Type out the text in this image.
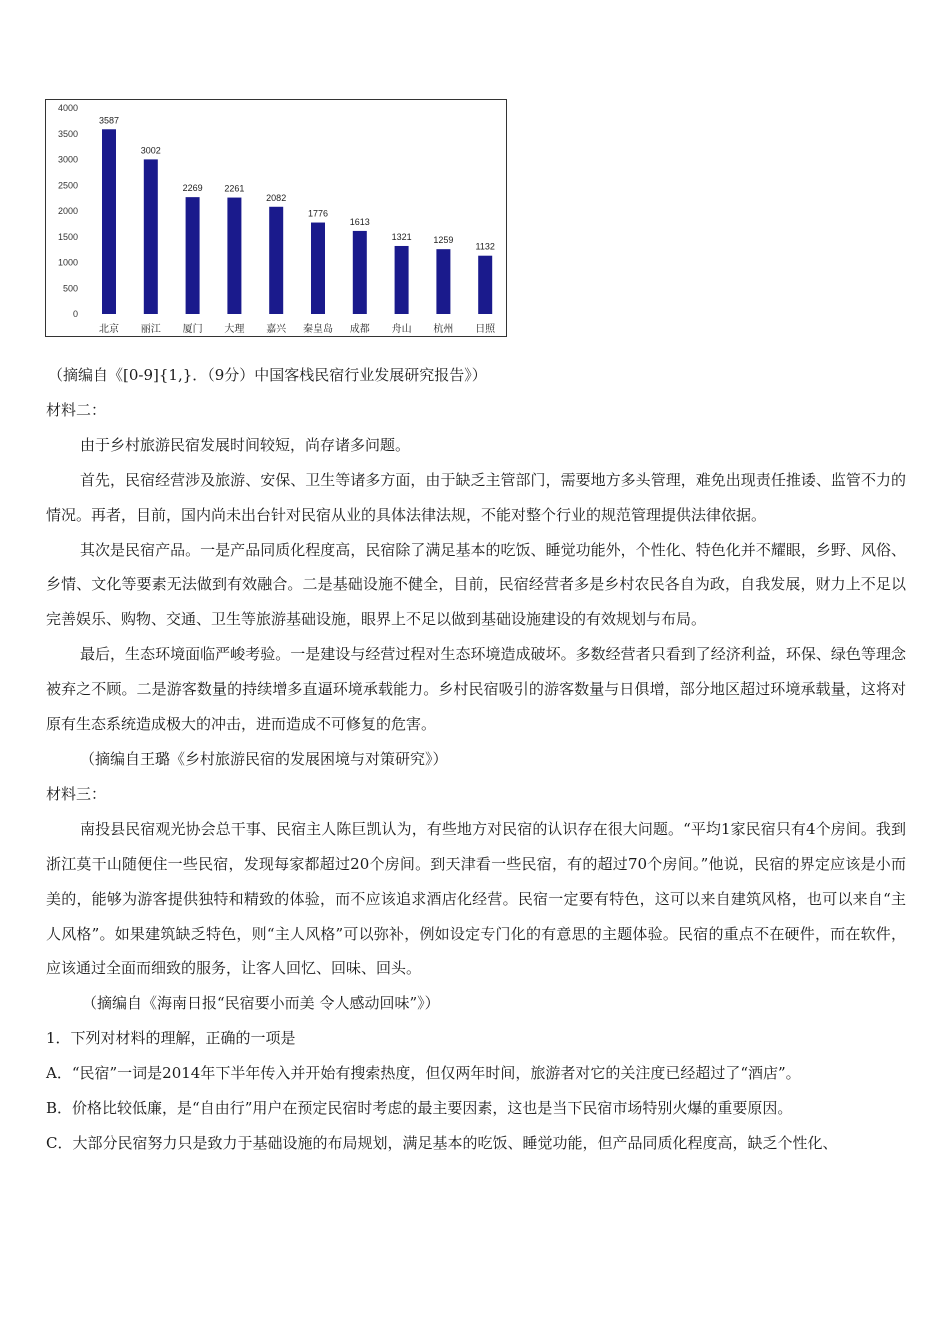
0
500
1000
1500
2000
2500
3000
3500
4000
3587
北京
3002
丽江
2269
厦门
2261
大理
2082
嘉兴
1776
秦皇岛
1613
成都
1321
舟山
1259
杭州
1132
日照

（摘编自《[0-9]{1,}．（9分）中国客栈民宿行业发展研究报告》）

材料二：

由于乡村旅游民宿发展时间较短，尚存诸多问题。

首先，民宿经营涉及旅游、安保、卫生等诸多方面，由于缺乏主管部门，需要地方多头管理，难免出现责任推诿、监管不力的情况。再者，目前，国内尚未出台针对民宿从业的具体法律法规，不能对整个行业的规范管理提供法律依据。

其次是民宿产品。一是产品同质化程度高，民宿除了满足基本的吃饭、睡觉功能外，个性化、特色化并不耀眼，乡野、风俗、乡情、文化等要素无法做到有效融合。二是基础设施不健全，目前，民宿经营者多是乡村农民各自为政，自我发展，财力上不足以完善娱乐、购物、交通、卫生等旅游基础设施，眼界上不足以做到基础设施建设的有效规划与布局。

最后，生态环境面临严峻考验。一是建设与经营过程对生态环境造成破坏。多数经营者只看到了经济利益，环保、绿色等理念被弃之不顾。二是游客数量的持续增多直逼环境承载能力。乡村民宿吸引的游客数量与日俱增，部分地区超过环境承载量，这将对原有生态系统造成极大的冲击，进而造成不可修复的危害。

（摘编自王璐《乡村旅游民宿的发展困境与对策研究》）

材料三：

南投县民宿观光协会总干事、民宿主人陈巨凯认为，有些地方对民宿的认识存在很大问题。“平均1家民宿只有4个房间。我到浙江莫干山随便住一些民宿，发现每家都超过20个房间。到天津看一些民宿，有的超过70个房间。”他说，民宿的界定应该是小而美的，能够为游客提供独特和精致的体验，而不应该追求酒店化经营。民宿一定要有特色，这可以来自建筑风格，也可以来自“主人风格”。如果建筑缺乏特色，则“主人风格”可以弥补，例如设定专门化的有意思的主题体验。民宿的重点不在硬件，而在软件，应该通过全面而细致的服务，让客人回忆、回味、回头。

（摘编自《海南日报“民宿要小而美 令人感动回味”》）

1．下列对材料的理解，正确的一项是

A．“民宿”一词是2014年下半年传入并开始有搜索热度，但仅两年时间，旅游者对它的关注度已经超过了“酒店”。

B．价格比较低廉，是“自由行”用户在预定民宿时考虑的最主要因素，这也是当下民宿市场特别火爆的重要原因。

C．大部分民宿努力只是致力于基础设施的布局规划，满足基本的吃饭、睡觉功能，但产品同质化程度高，缺乏个性化、
